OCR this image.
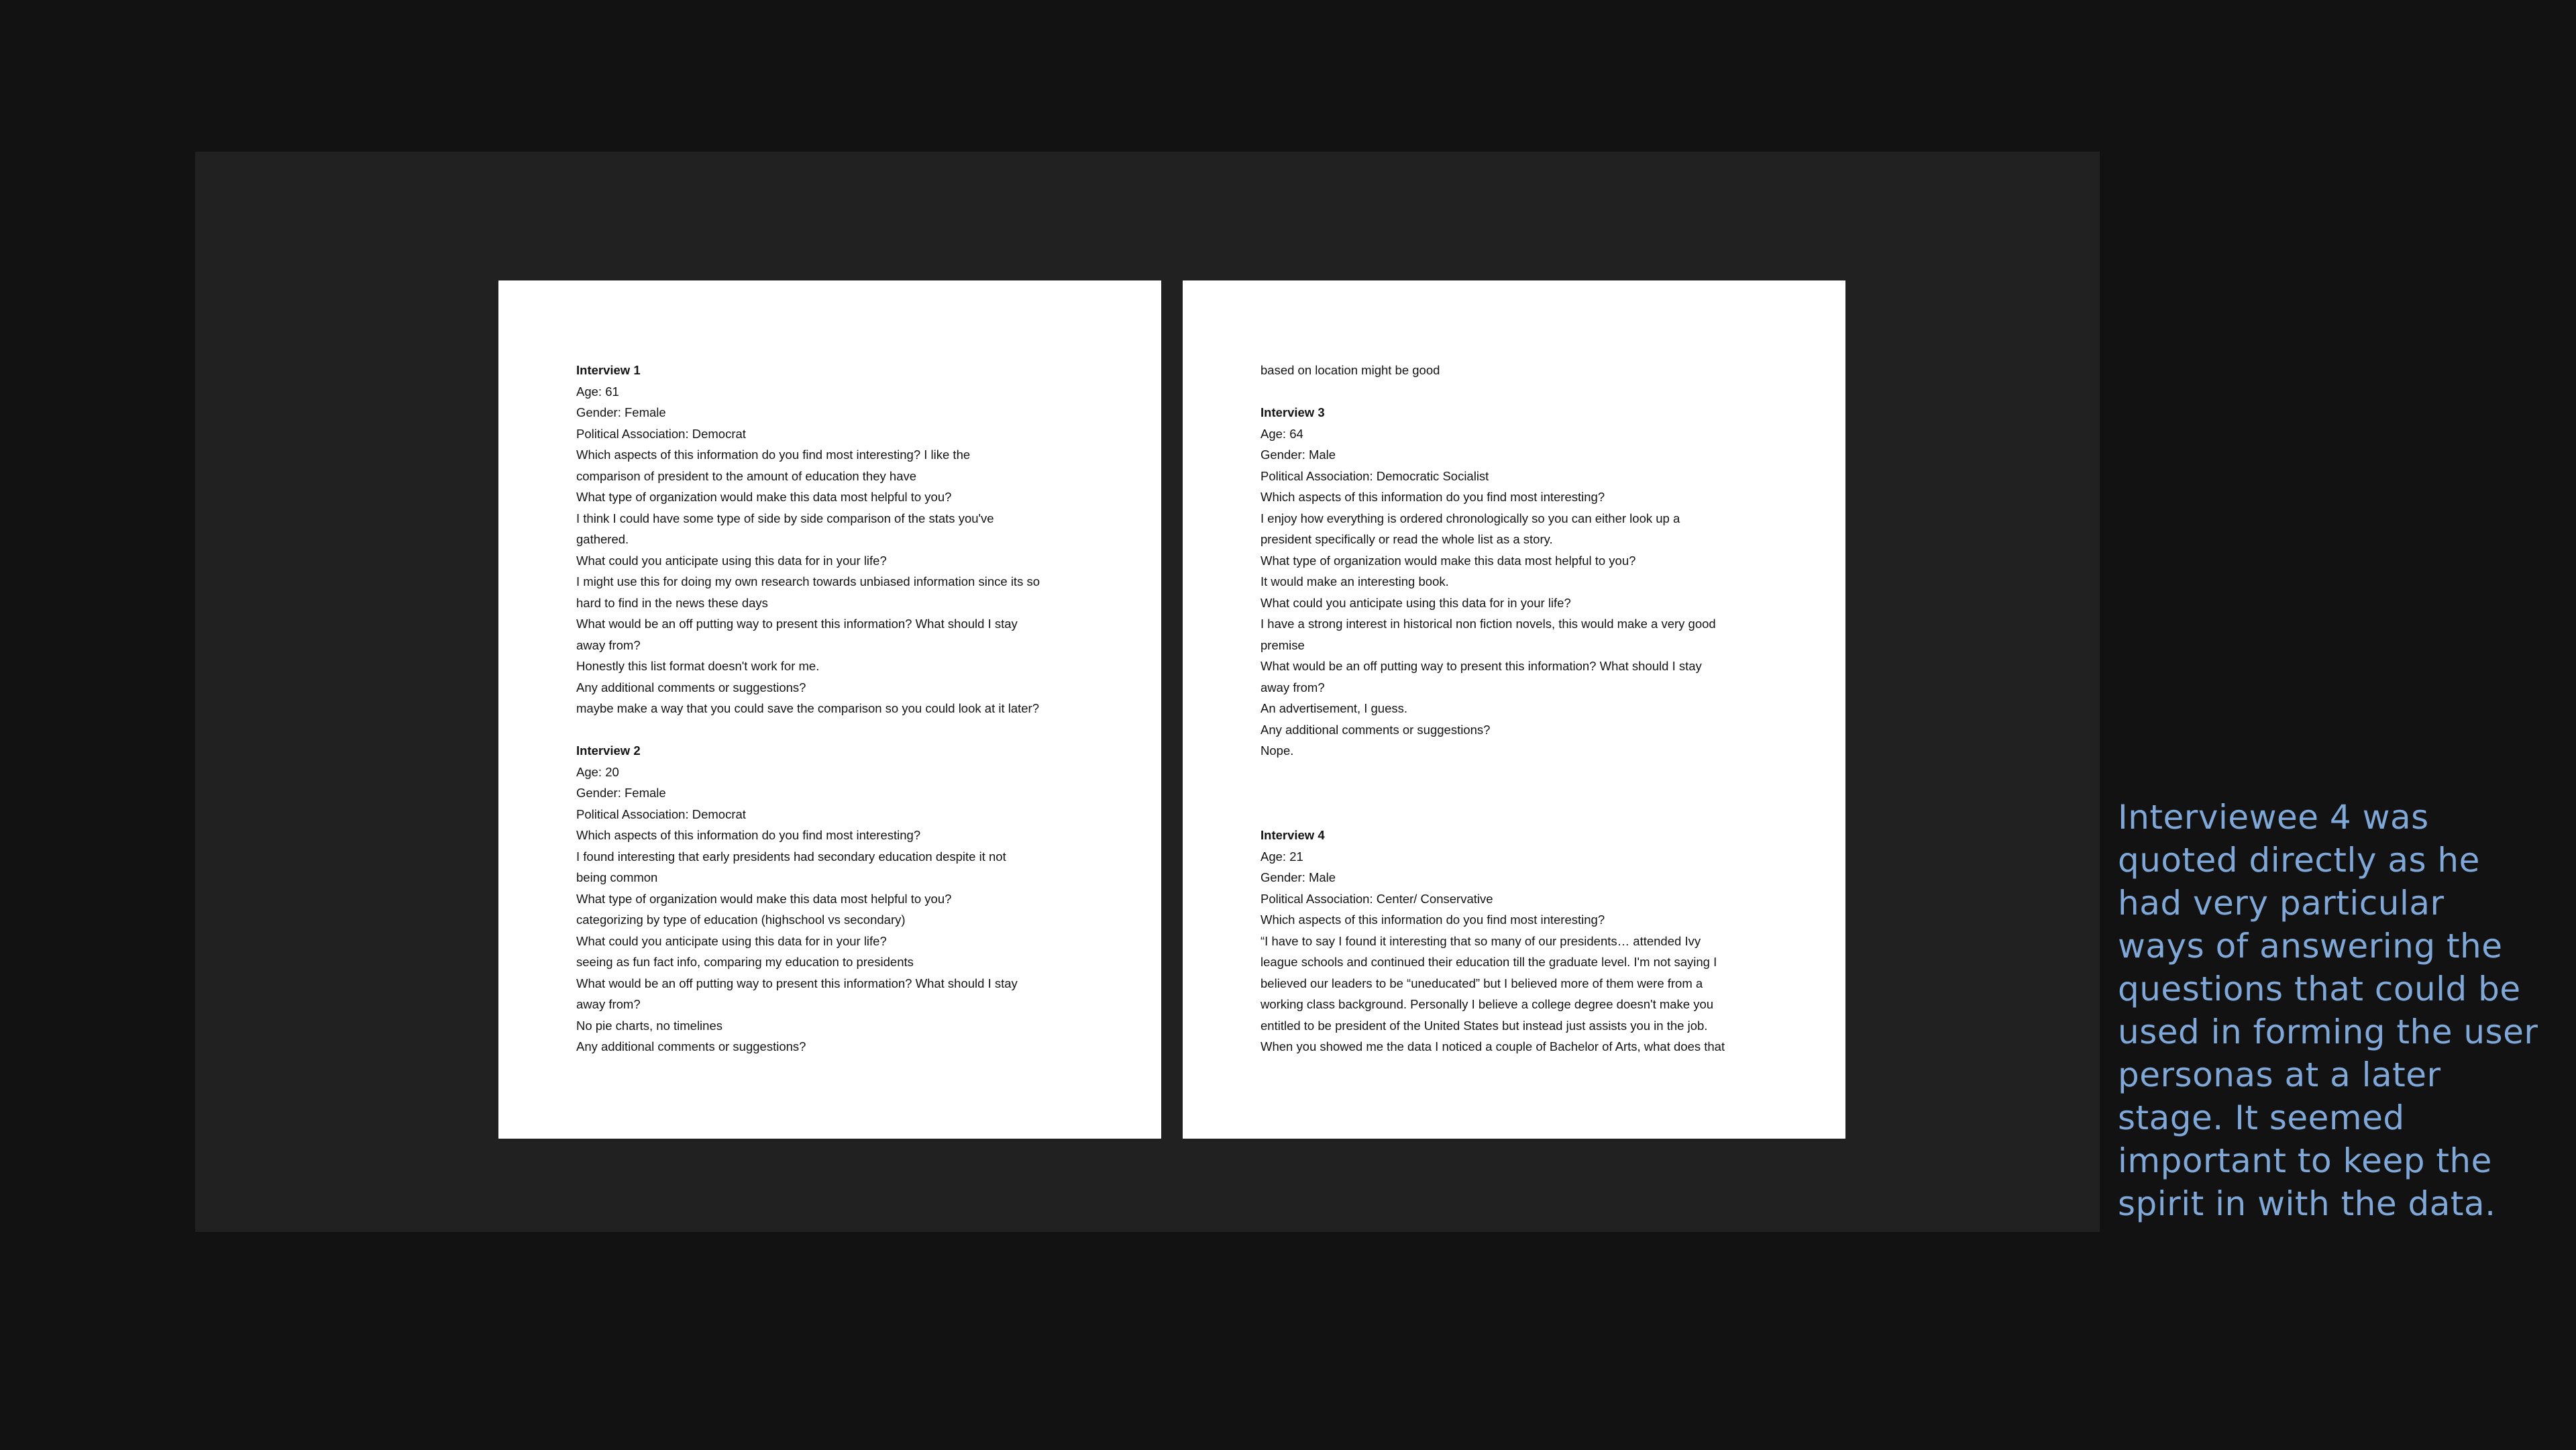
Interview 1
Age: 61
Gender: Female
Political Association: Democrat
Which aspects of this information do you find most interesting? I like the
comparison of president to the amount of education they have
What type of organization would make this data most helpful to you?
I think I could have some type of side by side comparison of the stats you've
gathered.
What could you anticipate using this data for in your life?
I might use this for doing my own research towards unbiased information since its so
hard to find in the news these days
What would be an off putting way to present this information? What should I stay
away from?
Honestly this list format doesn't work for me.
Any additional comments or suggestions?
maybe make a way that you could save the comparison so you could look at it later?
Interview 2
Age: 20
Gender: Female
Political Association: Democrat
Which aspects of this information do you find most interesting?
I found interesting that early presidents had secondary education despite it not
being common
What type of organization would make this data most helpful to you?
categorizing by type of education (highschool vs secondary)
What could you anticipate using this data for in your life?
seeing as fun fact info, comparing my education to presidents
What would be an off putting way to present this information? What should I stay
away from?
No pie charts, no timelines
Any additional comments or suggestions?
based on location might be good
Interview 3
Age: 64
Gender: Male
Political Association: Democratic Socialist
Which aspects of this information do you find most interesting?
I enjoy how everything is ordered chronologically so you can either look up a
president specifically or read the whole list as a story.
What type of organization would make this data most helpful to you?
It would make an interesting book.
What could you anticipate using this data for in your life?
I have a strong interest in historical non fiction novels, this would make a very good
premise
What would be an off putting way to present this information? What should I stay
away from?
An advertisement, I guess.
Any additional comments or suggestions?
Nope.
Interview 4
Age: 21
Gender: Male
Political Association: Center/ Conservative
Which aspects of this information do you find most interesting?
“I have to say I found it interesting that so many of our presidents… attended Ivy
league schools and continued their education till the graduate level. I'm not saying I
believed our leaders to be “uneducated” but I believed more of them were from a
working class background. Personally I believe a college degree doesn't make you
entitled to be president of the United States but instead just assists you in the job.
When you showed me the data I noticed a couple of Bachelor of Arts, what does that
Interviewee 4 was
quoted directly as he
had very particular
ways of answering the
questions that could be
used in forming the user
personas at a later
stage. It seemed
important to keep the
spirit in with the data.
